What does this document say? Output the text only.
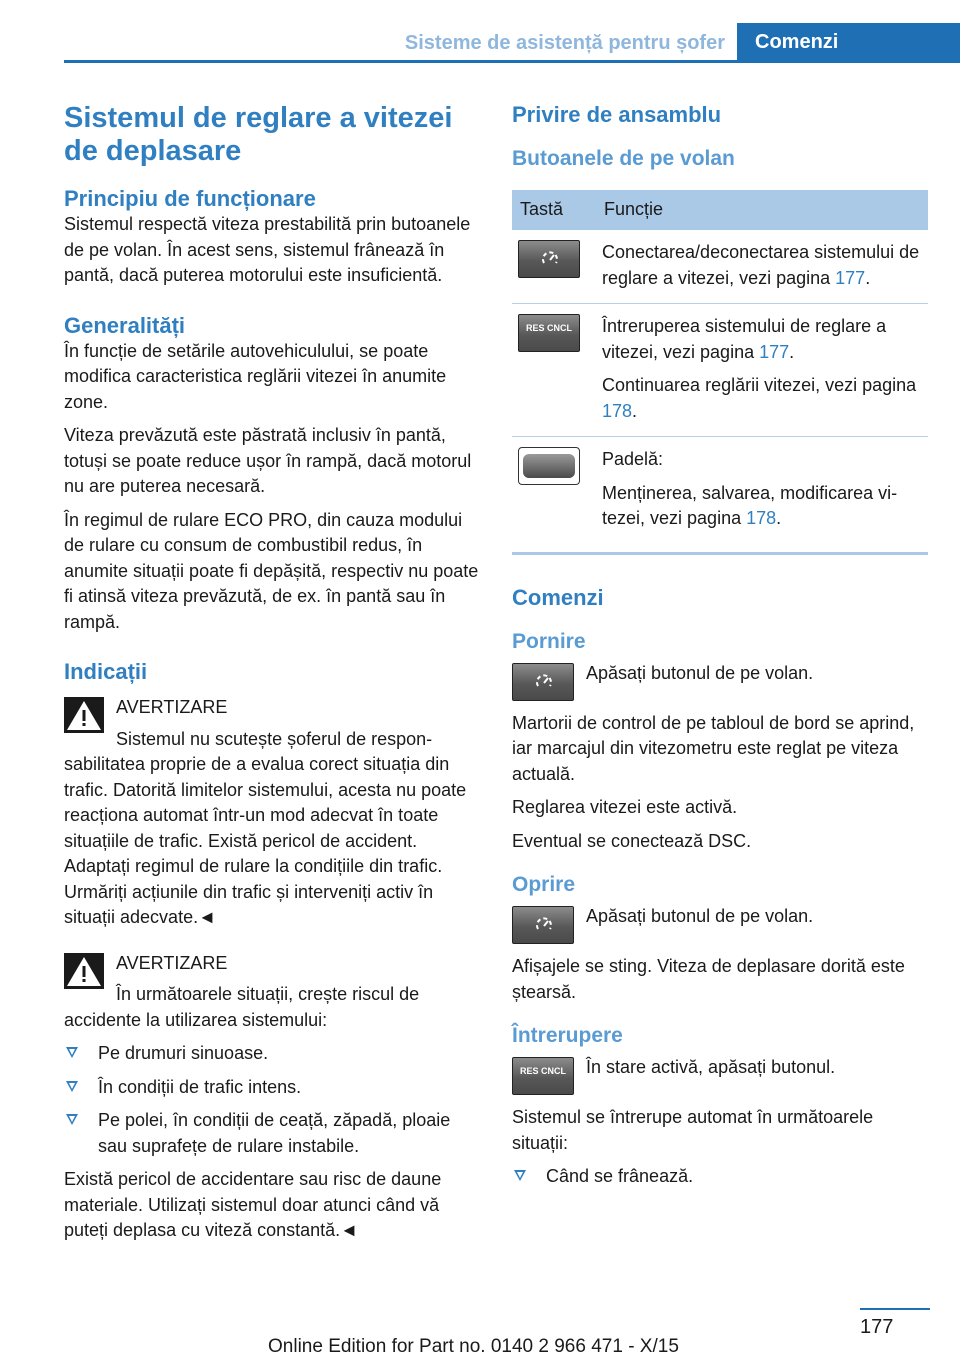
Sisteme de asistență pentru șofer	Comenzi
Sistemul de reglare a vitezei de deplasare
Principiu de funcționare

Sistemul respectă viteza prestabilită prin butoanele de pe volan. În acest sens, sistemul frânează în pantă, dacă puterea motorului este insuficientă.

Generalități

În funcție de setările autovehiculului, se poate modifica caracteristica reglării vitezei în anumite zone.

Viteza prevăzută este păstrată inclusiv în pantă, totuși se poate reduce ușor în rampă, dacă motorul nu are puterea necesară.

În regimul de rulare ECO PRO, din cauza modului de rulare cu consum de combustibil redus, în anumite situații poate fi depășită, respectiv nu poate fi atinsă viteza prevăzută, de ex. în pantă sau în rampă.

Indicații

AVERTIZARE

Sistemul nu scutește șoferul de responsabilitatea proprie de a evalua corect situația din trafic. Datorită limitelor sistemului, acesta nu poate reacționa automat într-un mod adecvat în toate situațiile de trafic. Există pericol de accident. Adaptați regimul de rulare la condițiile din trafic. Urmăriți acțiunile din trafic și interveniți activ în situații adecvate.◄

AVERTIZARE

În următoarele situații, crește riscul de accidente la utilizarea sistemului:

Pe drumuri sinuoase.
În condiții de trafic intens.
Pe polei, în condiții de ceață, zăpadă, ploaie sau suprafețe de rulare instabile.

Există pericol de accidentare sau risc de daune materiale. Utilizați sistemul doar atunci când vă puteți deplasa cu viteză constantă.◄

Privire de ansamblu
Butoanele de pe volan
Tastă	Funcție

	Conectarea/deconectarea sistemului de reglare a vitezei, vezi pagina 177.

RES CNCL	Întreruperea sistemului de reglare a vitezei, vezi pagina 177.

Continuarea reglării vitezei, vezi pagina 178.

	Padelă:

Menținerea, salvarea, modificarea vitezei, vezi pagina 178.

Comenzi
Pornire

Apăsați butonul de pe volan.

Martorii de control de pe tabloul de bord se aprind, iar marcajul din vitezometru este reglat pe viteza actuală.

Reglarea vitezei este activă.

Eventual se conectează DSC.

Oprire

Apăsați butonul de pe volan.

Afișajele se sting. Viteza de deplasare dorită este ștearsă.

Întrerupere
RES CNCL	În stare activă, apăsați butonul.

Sistemul se întrerupe automat în următoarele situații:

Când se frânează.
177
Online Edition for Part no. 0140 2 966 471 - X/15
